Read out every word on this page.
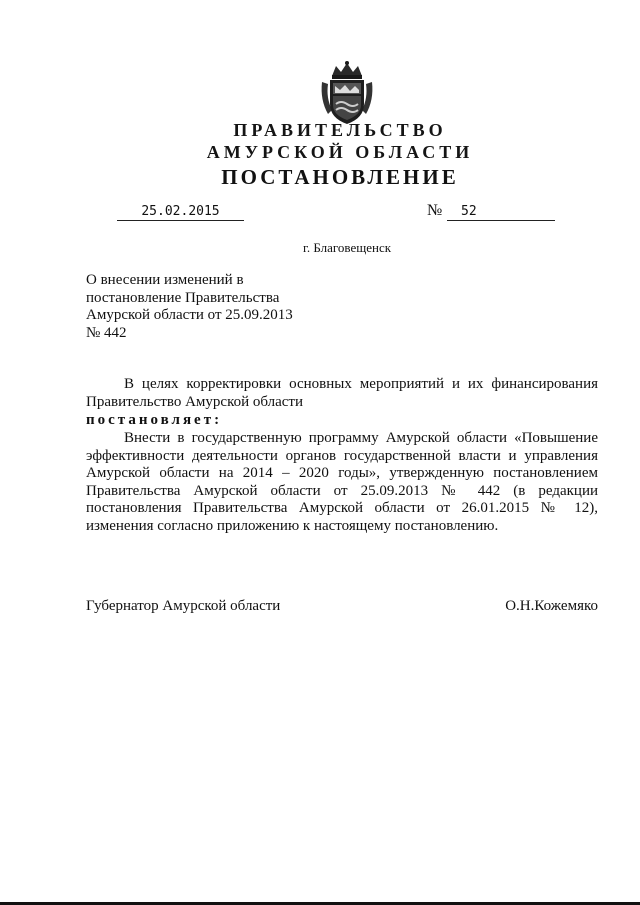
ПРАВИТЕЛЬСТВО
АМУРСКОЙ ОБЛАСТИ
ПОСТАНОВЛЕНИЕ
25.02.2015	№	52
г. Благовещенск
О внесении изменений в
постановление Правительства
Амурской области от 25.09.2013
№ 442
В целях корректировки основных мероприятий и их финансирования
Правительство Амурской области
постановляет:
Внести в государственную программу Амурской области «Повышение
эффективности деятельности органов государственной власти и управления
Амурской области на 2014 – 2020 годы», утвержденную постановлением
Правительства Амурской области от 25.09.2013 № 442 (в редакции
постановления Правительства Амурской области от 26.01.2015 № 12),
изменения согласно приложению к настоящему постановлению.
Губернатор Амурской области	О.Н.Кожемяко
